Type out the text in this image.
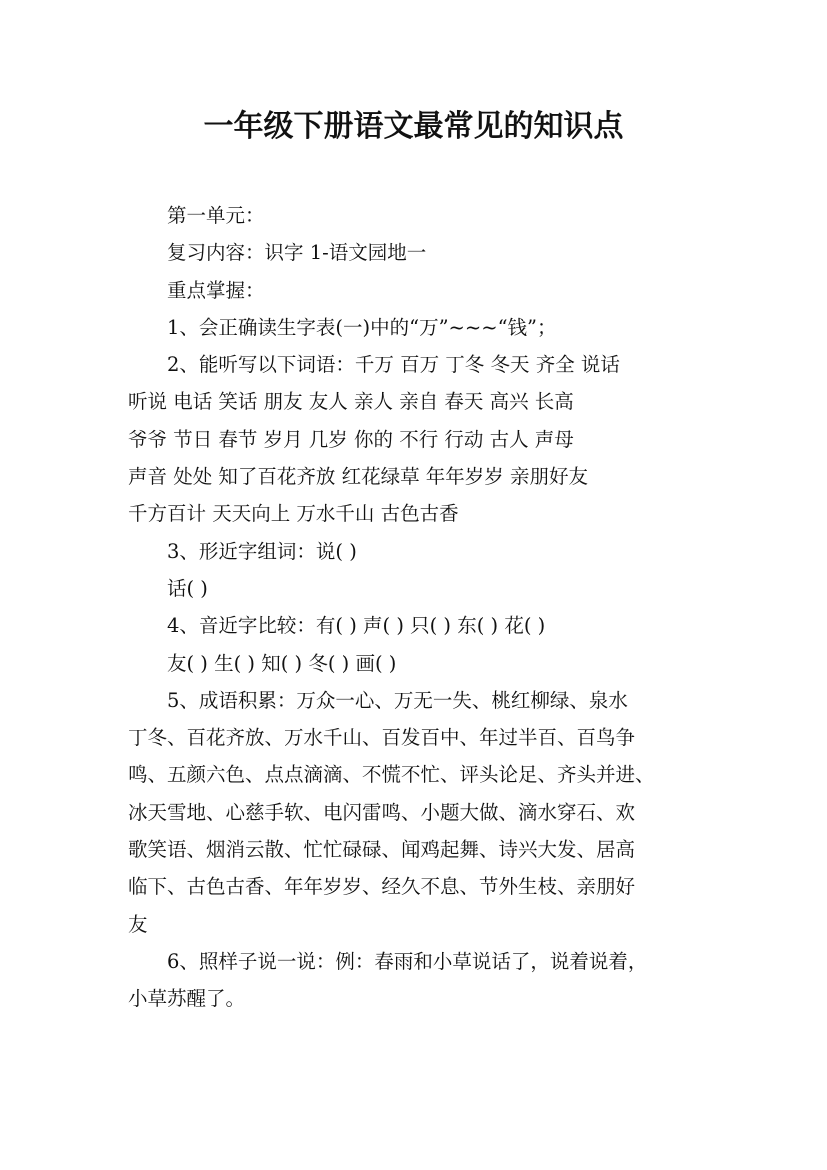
一年级下册语文最常见的知识点
第一单元：
复习内容：识字 1-语文园地一
重点掌握：
1、会正确读生字表(一)中的“万”~~~“钱”；
2、能听写以下词语：千万 百万 丁冬 冬天 齐全 说话
听说 电话 笑话 朋友 友人 亲人 亲自 春天 高兴 长高
爷爷 节日 春节 岁月 几岁 你的 不行 行动 古人 声母
声音 处处 知了百花齐放 红花绿草 年年岁岁 亲朋好友
千方百计 天天向上 万水千山 古色古香
3、形近字组词：说( )
话( )
4、音近字比较：有( ) 声( ) 只( ) 东( ) 花( )
友( ) 生( ) 知( ) 冬( ) 画( )
5、成语积累：万众一心、万无一失、桃红柳绿、泉水
丁冬、百花齐放、万水千山、百发百中、年过半百、百鸟争
鸣、五颜六色、点点滴滴、不慌不忙、评头论足、齐头并进、
冰天雪地、心慈手软、电闪雷鸣、小题大做、滴水穿石、欢
歌笑语、烟消云散、忙忙碌碌、闻鸡起舞、诗兴大发、居高
临下、古色古香、年年岁岁、经久不息、节外生枝、亲朋好
友
6、照样子说一说：例：春雨和小草说话了，说着说着，
小草苏醒了。
